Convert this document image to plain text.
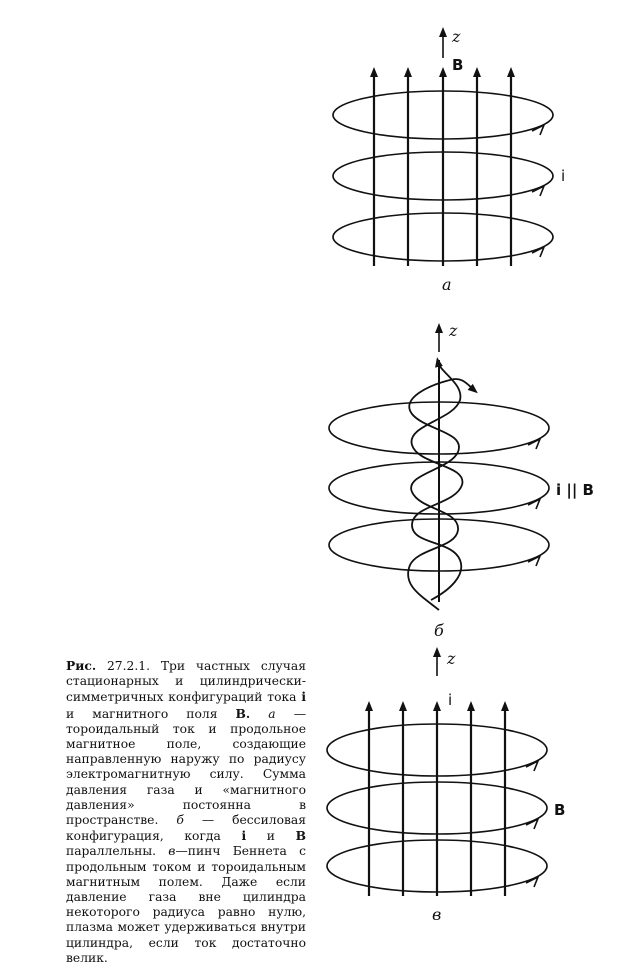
z
B
i
а
z
i || B
б
z
i
B
в

Рис. 27.2.1. Три частных случая стационарных и цилиндрически-симметричных конфигураций тока i и магнитного поля B. а — тороидальный ток и продольное магнитное поле, создающие направленную наружу по радиусу электромагнитную силу. Сумма давления газа и «магнитного давления» постоянна в пространстве. б — бессиловая конфигурация, когда i и B параллельны. в—пинч Беннета с продольным током и тороидальным магнитным полем. Даже если давление газа вне цилиндра некоторого радиуса равно нулю, плазма может удерживаться внутри цилиндра, если ток достаточно велик.
